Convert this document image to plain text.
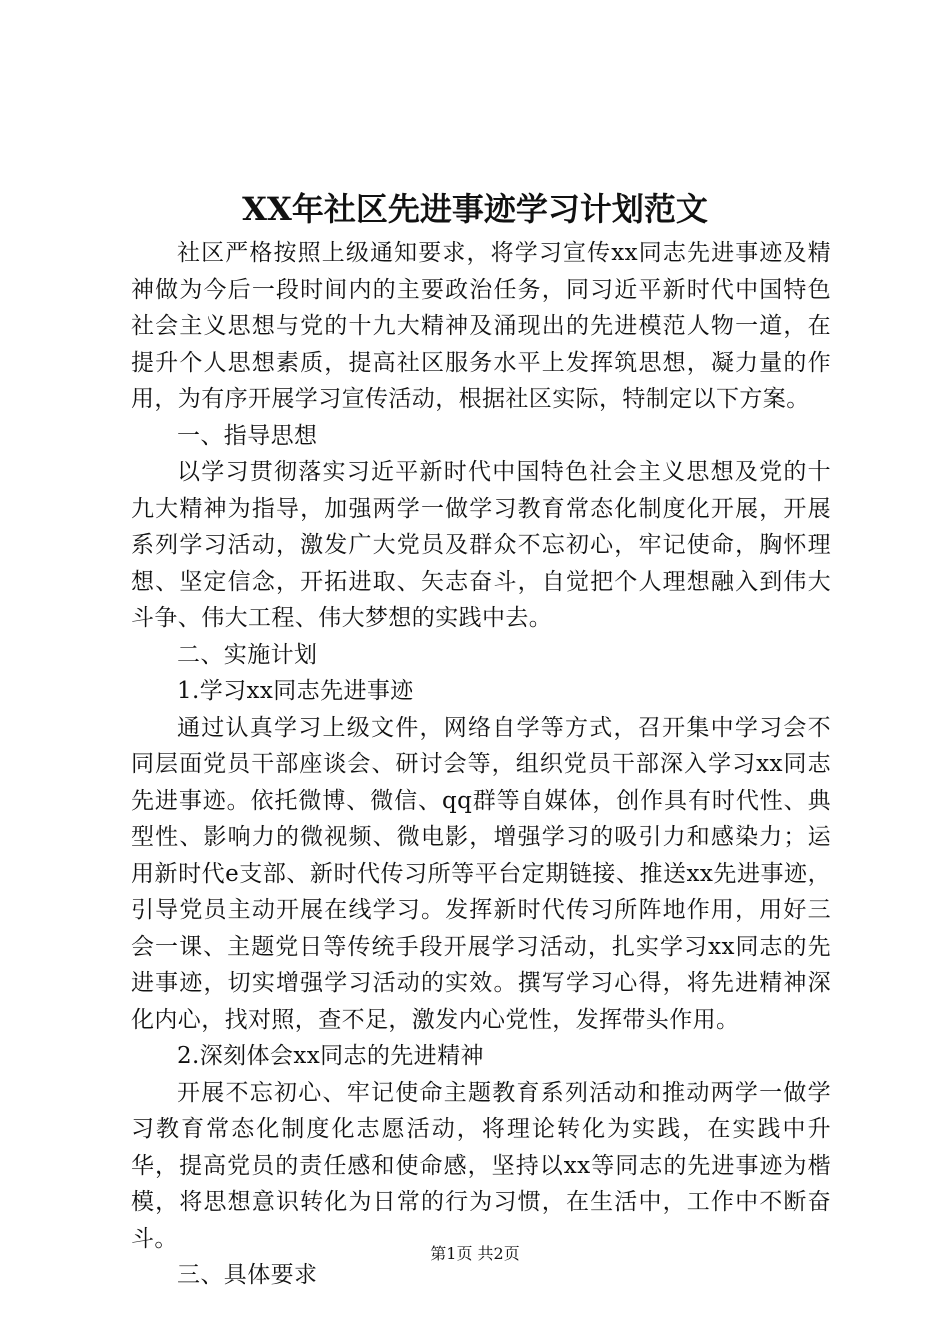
XX年社区先进事迹学习计划范文

社区严格按照上级通知要求，将学习宣传xx同志先进事迹及精神做为今后一段时间内的主要政治任务，同习近平新时代中国特色社会主义思想与党的十九大精神及涌现出的先进模范人物一道，在提升个人思想素质，提高社区服务水平上发挥筑思想，凝力量的作用，为有序开展学习宣传活动，根据社区实际，特制定以下方案。

一、指导思想

以学习贯彻落实习近平新时代中国特色社会主义思想及党的十九大精神为指导，加强两学一做学习教育常态化制度化开展，开展系列学习活动，激发广大党员及群众不忘初心，牢记使命，胸怀理想、坚定信念，开拓进取、矢志奋斗，自觉把个人理想融入到伟大斗争、伟大工程、伟大梦想的实践中去。

二、实施计划

1.学习xx同志先进事迹

通过认真学习上级文件，网络自学等方式，召开集中学习会不同层面党员干部座谈会、研讨会等，组织党员干部深入学习xx同志先进事迹。依托微博、微信、qq群等自媒体，创作具有时代性、典型性、影响力的微视频、微电影，增强学习的吸引力和感染力；运用新时代e支部、新时代传习所等平台定期链接、推送xx先进事迹，引导党员主动开展在线学习。发挥新时代传习所阵地作用，用好三会一课、主题党日等传统手段开展学习活动，扎实学习xx同志的先进事迹，切实增强学习活动的实效。撰写学习心得，将先进精神深化内心，找对照，查不足，激发内心党性，发挥带头作用。

2.深刻体会xx同志的先进精神

开展不忘初心、牢记使命主题教育系列活动和推动两学一做学习教育常态化制度化志愿活动，将理论转化为实践，在实践中升华，提高党员的责任感和使命感，坚持以xx等同志的先进事迹为楷模，将思想意识转化为日常的行为习惯，在生活中，工作中不断奋斗。

三、具体要求

第1页 共2页
